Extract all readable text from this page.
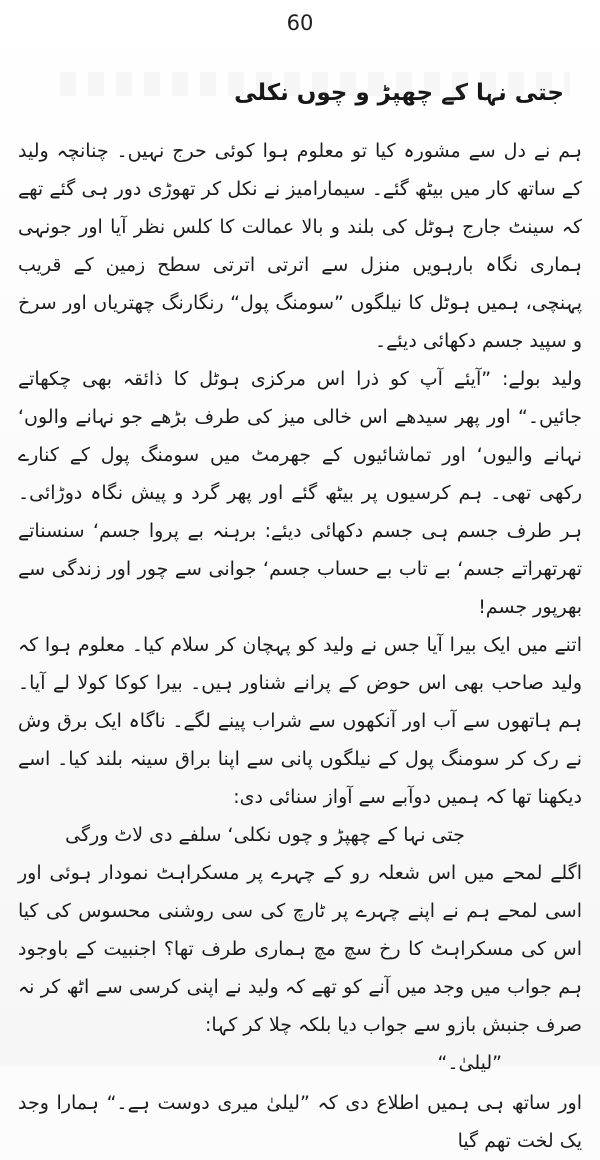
60
جتی نہا کے چھپڑ و چوں نکلی

ہم نے دل سے مشورہ کیا تو معلوم ہوا کوئی حرج نہیں۔ چنانچہ ولید کے ساتھ کار میں بیٹھ گئے۔ سیمارامیز نے نکل کر تھوڑی دور ہی گئے تھے کہ سینٹ جارج ہوٹل کی بلند و بالا عمالت کا کلس نظر آیا اور جونہی ہماری نگاہ بارہویں منزل سے اترتی اترتی سطح زمین کے قریب پہنچی، ہمیں ہوٹل کا نیلگوں ”سومنگ پول“ رنگارنگ چھتریاں اور سرخ و سپید جسم دکھائی دیئے۔

ولید بولے: ”آیئے آپ کو ذرا اس مرکزی ہوٹل کا ذائقہ بھی چکھاتے جائیں۔“ اور پھر سیدھے اس خالی میز کی طرف بڑھے جو نہانے والوں‘ نہانے والیوں‘ اور تماشائیوں کے جھرمٹ میں سومنگ پول کے کنارے رکھی تھی۔ ہم کرسیوں پر بیٹھ گئے اور پھر گرد و پیش نگاہ دوڑائی۔ ہر طرف جسم ہی جسم دکھائی دیئے: برہنہ بے پروا جسم‘ سنسناتے تھرتھراتے جسم‘ بے تاب بے حساب جسم‘ جوانی سے چور اور زندگی سے بھرپور جسم!

اتنے میں ایک بیرا آیا جس نے ولید کو پہچان کر سلام کیا۔ معلوم ہوا کہ ولید صاحب بھی اس حوض کے پرانے شناور ہیں۔ بیرا کوکا کولا لے آیا۔ ہم ہاتھوں سے آب اور آنکھوں سے شراب پینے لگے۔ ناگاہ ایک برق وش نے رک کر سومنگ پول کے نیلگوں پانی سے اپنا براق سینہ بلند کیا۔ اسے دیکھنا تھا کہ ہمیں دوآبے سے آواز سنائی دی:

جتی نہا کے چھپڑ و چوں نکلی‘ سلفے دی لاٹ ورگی

اگلے لمحے میں اس شعلہ رو کے چہرے پر مسکراہٹ نمودار ہوئی اور اسی لمحے ہم نے اپنے چہرے پر ٹارچ کی سی روشنی محسوس کی کیا اس کی مسکراہٹ کا رخ سچ مچ ہماری طرف تھا؟ اجنبیت کے باوجود ہم جواب میں وجد میں آنے کو تھے کہ ولید نے اپنی کرسی سے اٹھ کر نہ صرف جنبش بازو سے جواب دیا بلکہ چلا کر کہا:

”لیلیٰ۔“

اور ساتھ ہی ہمیں اطلاع دی کہ ”لیلیٰ میری دوست ہے۔“ ہمارا وجد یک لخت تھم گیا
